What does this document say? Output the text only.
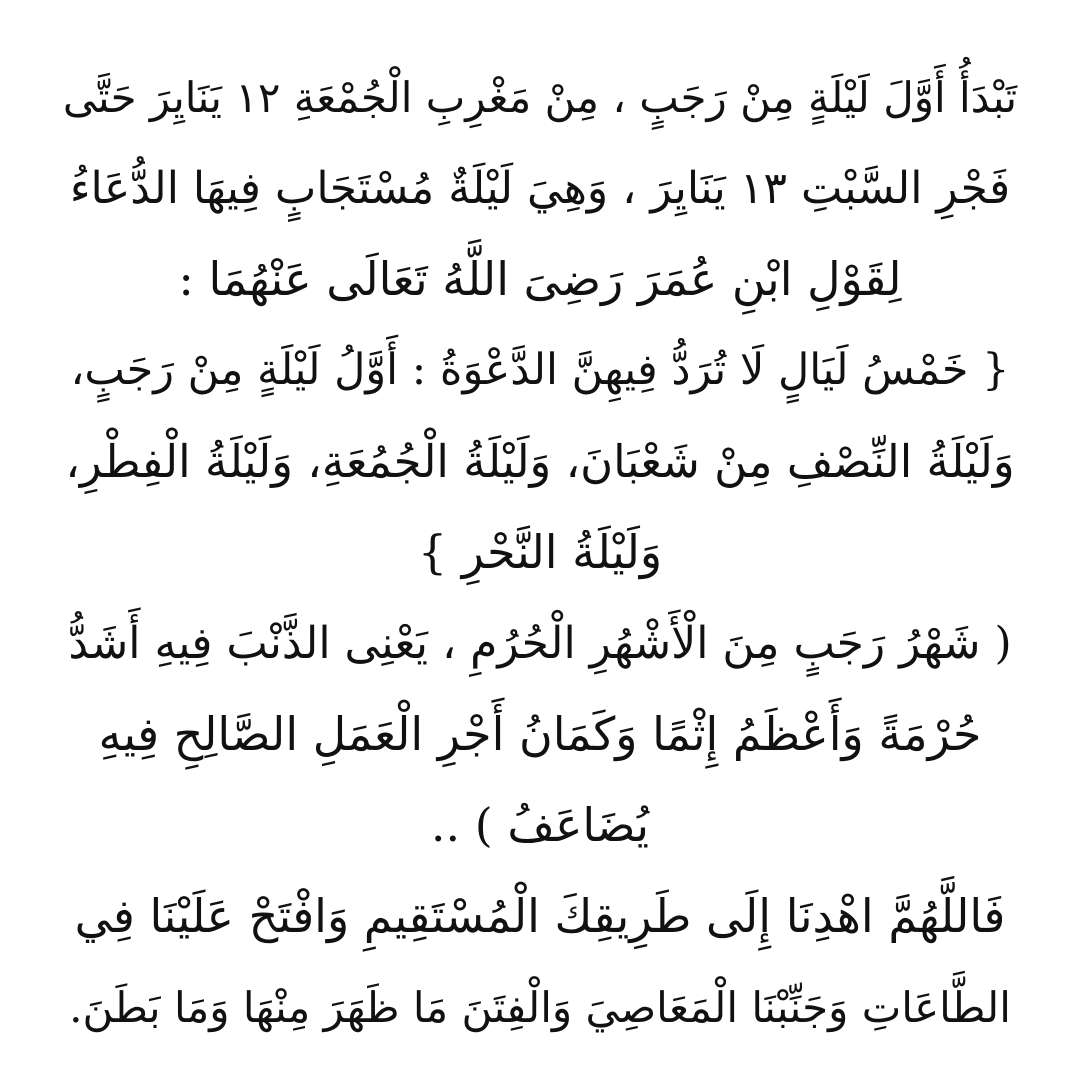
تَبْدَأُ أَوَّلَ لَيْلَةٍ مِنْ رَجَبٍ ، مِنْ مَغْرِبِ الْجُمْعَةِ ١٢ يَنَايِرَ حَتَّى
فَجْرِ السَّبْتِ ١٣ يَنَايِرَ ، وَهِيَ لَيْلَةٌ مُسْتَجَابٍ فِيهَا الدُّعَاءُ
لِقَوْلِ ابْنِ عُمَرَ رَضِىَ اللَّهُ تَعَالَى عَنْهُمَا :
{ خَمْسُ لَيَالٍ لَا تُرَدُّ فِيهِنَّ الدَّعْوَةُ : أَوَّلُ لَيْلَةٍ مِنْ رَجَبٍ،
وَلَيْلَةُ النِّصْفِ مِنْ شَعْبَانَ، وَلَيْلَةُ الْجُمُعَةِ، وَلَيْلَةُ الْفِطْرِ،
وَلَيْلَةُ النَّحْرِ }
( شَهْرُ رَجَبٍ مِنَ الْأَشْهُرِ الْحُرُمِ ، يَعْنِى الذَّنْبَ فِيهِ أَشَدُّ
حُرْمَةً وَأَعْظَمُ إِثْمًا وَكَمَانُ أَجْرِ الْعَمَلِ الصَّالِحِ فِيهِ
يُضَاعَفُ ) ..
فَاللَّهُمَّ اهْدِنَا إِلَى طَرِيقِكَ الْمُسْتَقِيمِ وَافْتَحْ عَلَيْنَا فِي
الطَّاعَاتِ وَجَنِّبْنَا الْمَعَاصِيَ وَالْفِتَنَ مَا ظَهَرَ مِنْهَا وَمَا بَطَنَ.
